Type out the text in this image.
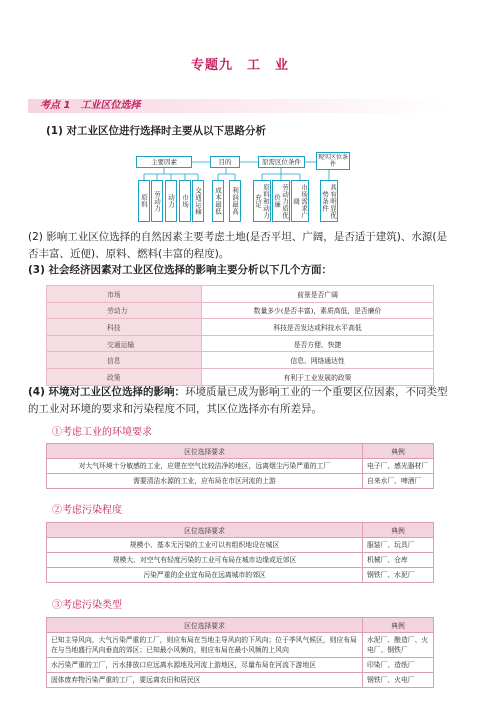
专题九　工　业
考点 1　工业区位选择
(1) 对工业区位进行选择时主要从以下思路分析
主要因素	目的	原需区位条件
现实区位条件
原料 劳动力 动力 市场 交通运输	成本最低	利润最高	原料和动力充足	劳动力质优价廉	市场需求广阔	具有明显优势条件
(2) 影响工业区位选择的自然因素主要考虑土地(是否平坦、广阔，是否适于建筑)、水源(是否丰富、近便)、原料、燃料(丰富的程度)。
(3) 社会经济因素对工业区位选择的影响主要分析以下几个方面：
市场	前景是否广阔
劳动力	数量多少(是否丰富)，素质高低，是否廉价
科技	科技是否发达或科技水平高低
交通运输	是否方便、快捷
信息	信息、网络通达性
政策	有利于工业发展的政策
(4) 环境对工业区位选择的影响：环境质量已成为影响工业的一个重要区位因素，不同类型的工业对环境的要求和污染程度不同，其区位选择亦有所差异。
①考虑工业的环境要求
区位选择要求	典例
对大气环境十分敏感的工业，应建在空气比较洁净的地区，远离烟尘污染严重的工厂	电子厂、感光器材厂
需要清洁水源的工业，应布局在市区河流的上游	自来水厂、啤酒厂
②考虑污染程度
区位选择要求	典例
规模小、基本无污染的工业可以有组织地设在城区	服装厂、玩具厂
规模大、对空气有轻度污染的工业可布局在城市边缘或近郊区	机械厂、仓库
污染严重的企业宜布局在远离城市的郊区	钢铁厂、水泥厂
③考虑污染类型
区位选择要求	典例
已知主导风向，大气污染严重的工厂，则应布局在当地主导风向的下风向；位于季风气候区，则应布局在与当地盛行风向垂直的郊区；已知最小风频的，则应布局在最小风频的上风向	水泥厂、酿造厂、火电厂、钢铁厂
水污染严重的工厂，污水排放口应远离水源地及河流上游地区，尽量布局在河流下游地区	印染厂、造纸厂
固体废弃物污染严重的工厂，要远离农田和居民区	钢铁厂、火电厂
